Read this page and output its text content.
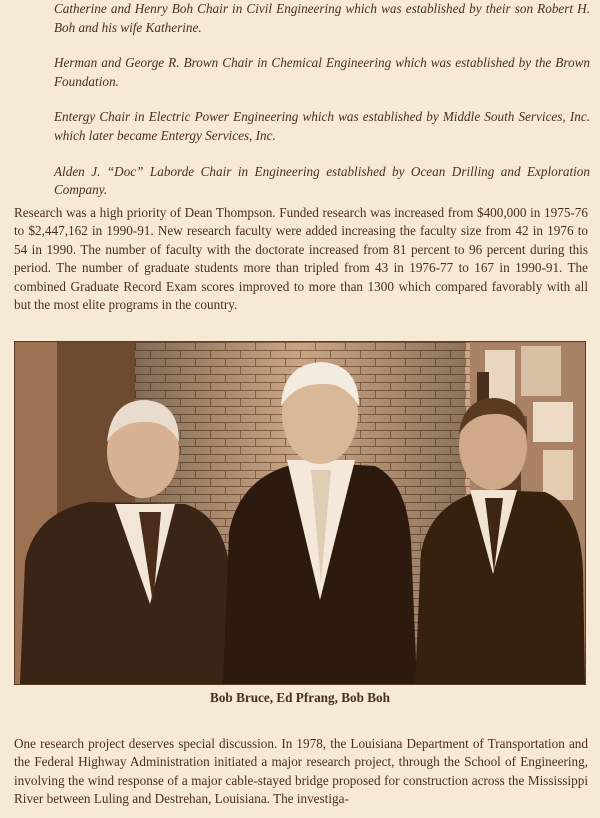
Catherine and Henry Boh Chair in Civil Engineering which was established by their son Robert H. Boh and his wife Katherine.

Herman and George R. Brown Chair in Chemical Engineering which was established by the Brown Foundation.

Entergy Chair in Electric Power Engineering which was established by Middle South Services, Inc. which later became Entergy Services, Inc.

Alden J. “Doc” Laborde Chair in Engineering established by Ocean Drilling and Exploration Company.

Research was a high priority of Dean Thompson. Funded research was increased from $400,000 in 1975-76 to $2,447,162 in 1990-91. New research faculty were added increasing the faculty size from 42 in 1976 to 54 in 1990. The number of faculty with the doctorate increased from 81 percent to 96 percent during this period. The number of graduate students more than tripled from 43 in 1976-77 to 167 in 1990-91. The combined Graduate Record Exam scores improved to more than 1300 which compared favorably with all but the most elite programs in the country.

Bob Bruce, Ed Pfrang, Bob Boh

One research project deserves special discussion. In 1978, the Louisiana Department of Transportation and the Federal Highway Administration initiated a major research project, through the School of Engineering, involving the wind response of a major cable-stayed bridge proposed for construction across the Mississippi River between Luling and Destrehan, Louisiana. The investiga-
